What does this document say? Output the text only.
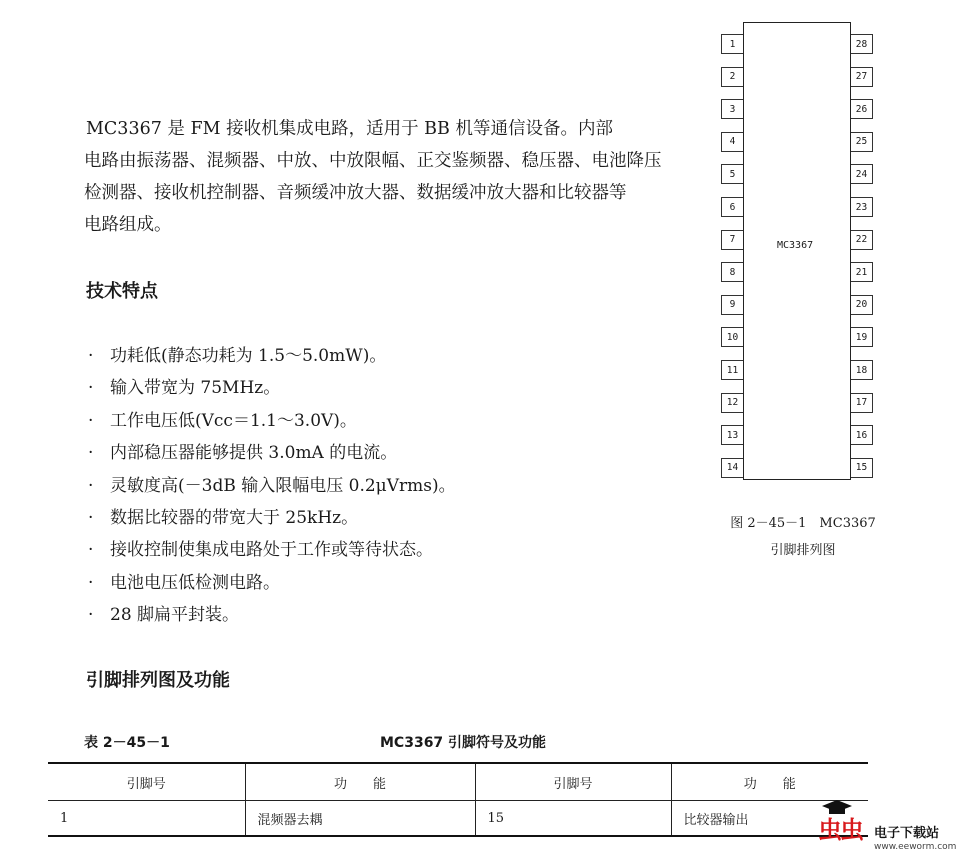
MC3367 是 FM 接收机集成电路，适用于 BB 机等通信设备。内部
电路由振荡器、混频器、中放、中放限幅、正交鉴频器、稳压器、电池降压
检测器、接收机控制器、音频缓冲放大器、数据缓冲放大器和比较器等
电路组成。
技术特点
· 功耗低(静态功耗为 1.5～5.0mW)。
· 输入带宽为 75MHz。
· 工作电压低(Vcc＝1.1～3.0V)。
· 内部稳压器能够提供 3.0mA 的电流。
· 灵敏度高(－3dB 输入限幅电压 0.2μVrms)。
· 数据比较器的带宽大于 25kHz。
· 接收控制使集成电路处于工作或等待状态。
· 电池电压低检测电路。
· 28 脚扁平封装。
引脚排列图及功能
MC3367
1
2
3
4
5
6
7
8
9
10
11
12
13
14
28
27
26
25
24
23
22
21
20
19
18
17
16
15
图 2－45－1　MC3367
引脚排列图
表 2－45－1	MC3367 引脚符号及功能
引脚号	功　　能	引脚号	功　　能
1	混频器去耦	15	比较器输出	虫虫 电子下载站
www.eeworm.com
